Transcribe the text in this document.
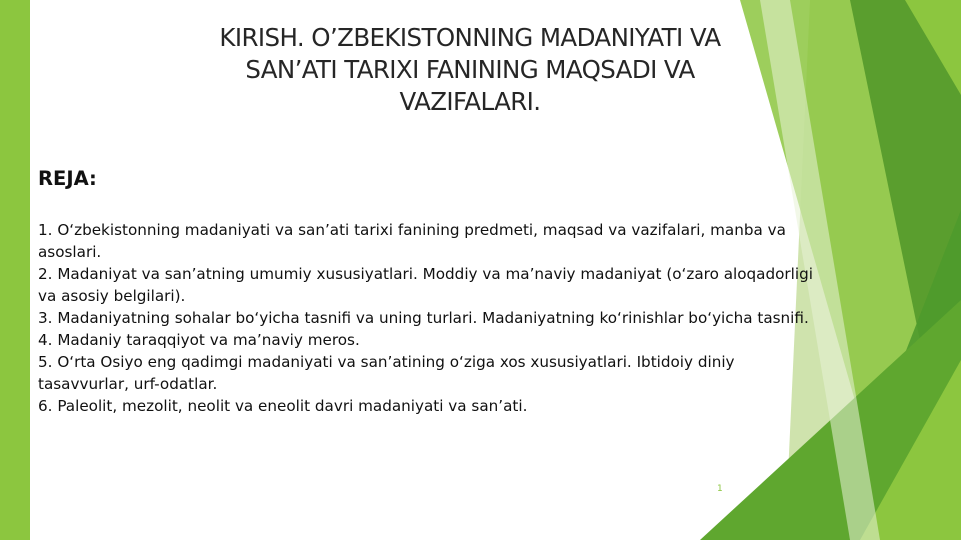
KIRISH. O’ZBEKISTONNING MADANIYATI VA SAN’ATI TARIXI FANINING MAQSADI VA VAZIFALARI.
REJA:
1. O‘zbekistonning madaniyati va san’ati tarixi fanining predmeti, maqsad va vazifalari, manba va asoslari.
2. Madaniyat va san’atning umumiy xususiyatlari. Moddiy va ma’naviy madaniyat (o‘zaro aloqadorligi va asosiy belgilari).
3. Madaniyatning sohalar bo‘yicha tasnifi va uning turlari. Madaniyatning ko‘rinishlar bo‘yicha tasnifi.
4. Madaniy taraqqiyot va ma’naviy meros.
5. O‘rta Osiyo eng qadimgi madaniyati va san’atining o‘ziga xos xususiyatlari. Ibtidoiy diniy tasavvurlar, urf-odatlar.
6. Paleolit, mezolit, neolit va eneolit davri madaniyati va san’ati.
1
